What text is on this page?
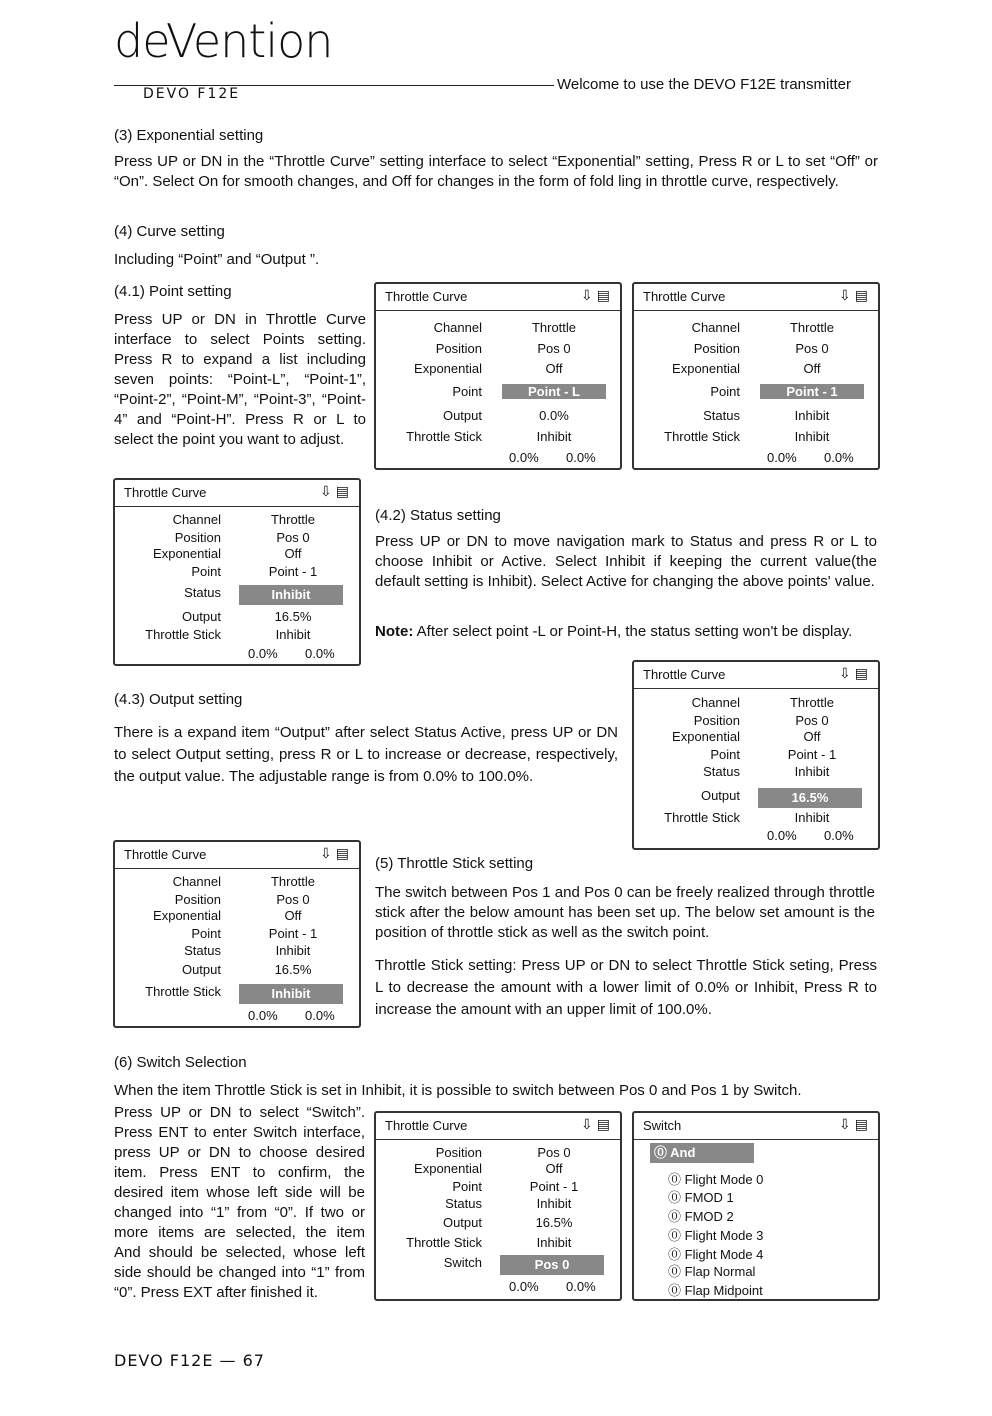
deVention
DEVO F12E
Welcome to use the DEVO F12E transmitter

(3) Exponential setting

Press UP or DN in the “Throttle Curve” setting interface to select “Exponential” setting, Press R or L to set “Off” or “On”. Select On for smooth changes, and Off for changes in the form of fold ling in throttle curve, respectively.

(4) Curve setting

Including “Point” and “Output ”.

(4.1) Point setting

Press UP or DN in Throttle Curve interface to select Points setting. Press R to expand a list including seven points: “Point-L”, “Point-1”, “Point-2”, “Point-M”, “Point-3”, “Point-4” and “Point-H”. Press R or L to select the point you want to adjust.

Throttle Curve	⇩▤
Channel	Throttle
Position	Pos 0
Exponential	Off
Point	Point - L
Output	0.0%
Throttle Stick	Inhibit
0.0% 0.0%
Throttle Curve	⇩▤
Channel	Throttle
Position	Pos 0
Exponential	Off
Point	Point - 1
Status	Inhibit
Throttle Stick	Inhibit
0.0% 0.0%
Throttle Curve	⇩▤
Channel	Throttle
Position	Pos 0
Exponential	Off
Point	Point - 1
Status	Inhibit
Output	16.5%
Throttle Stick	Inhibit
0.0% 0.0%

(4.2) Status setting

Press UP or DN to move navigation mark to Status and press R or L to choose Inhibit or Active. Select Inhibit if keeping the current value(the default setting is Inhibit). Select Active for changing the above points' value.

Note: After select point -L or Point-H, the status setting won't be display.

Throttle Curve	⇩▤
Channel	Throttle
Position	Pos 0
Exponential	Off
Point	Point - 1
Status	Inhibit
Output	16.5%
Throttle Stick	Inhibit
0.0% 0.0%

(4.3) Output setting

There is a expand item “Output” after select Status Active, press UP or DN to select Output setting, press R or L to increase or decrease, respectively, the output value. The adjustable range is from 0.0% to 100.0%.

Throttle Curve	⇩▤
Channel	Throttle
Position	Pos 0
Exponential	Off
Point	Point - 1
Status	Inhibit
Output	16.5%
Throttle Stick	Inhibit
0.0% 0.0%

(5) Throttle Stick setting

The switch between Pos 1 and Pos 0 can be freely realized through throttle stick after the below amount has been set up. The below set amount is the position of throttle stick as well as the switch point.

Throttle Stick setting: Press UP or DN to select Throttle Stick seting, Press L to decrease the amount with a lower limit of 0.0% or Inhibit, Press R to increase the amount with an upper limit of 100.0%.

(6) Switch Selection

When the item Throttle Stick is set in Inhibit, it is possible to switch between Pos 0 and Pos 1 by Switch.

Press UP or DN to select “Switch”. Press ENT to enter Switch interface, press UP or DN to choose desired item. Press ENT to confirm, the desired item whose left side will be changed into “1” from “0”. If two or more items are selected, the item And should be selected, whose left side should be changed into “1” from “0”. Press EXT after finished it.

Throttle Curve	⇩▤
Position	Pos 0
Exponential	Off
Point	Point - 1
Status	Inhibit
Output	16.5%
Throttle Stick	Inhibit
Switch	Pos 0
0.0% 0.0%
Switch	⇩▤
⓪ And
⓪ Flight Mode 0
⓪ FMOD 1
⓪ FMOD 2
⓪ Flight Mode 3
⓪ Flight Mode 4
⓪ Flap Normal
⓪ Flap Midpoint
DEVO F12E — 67
